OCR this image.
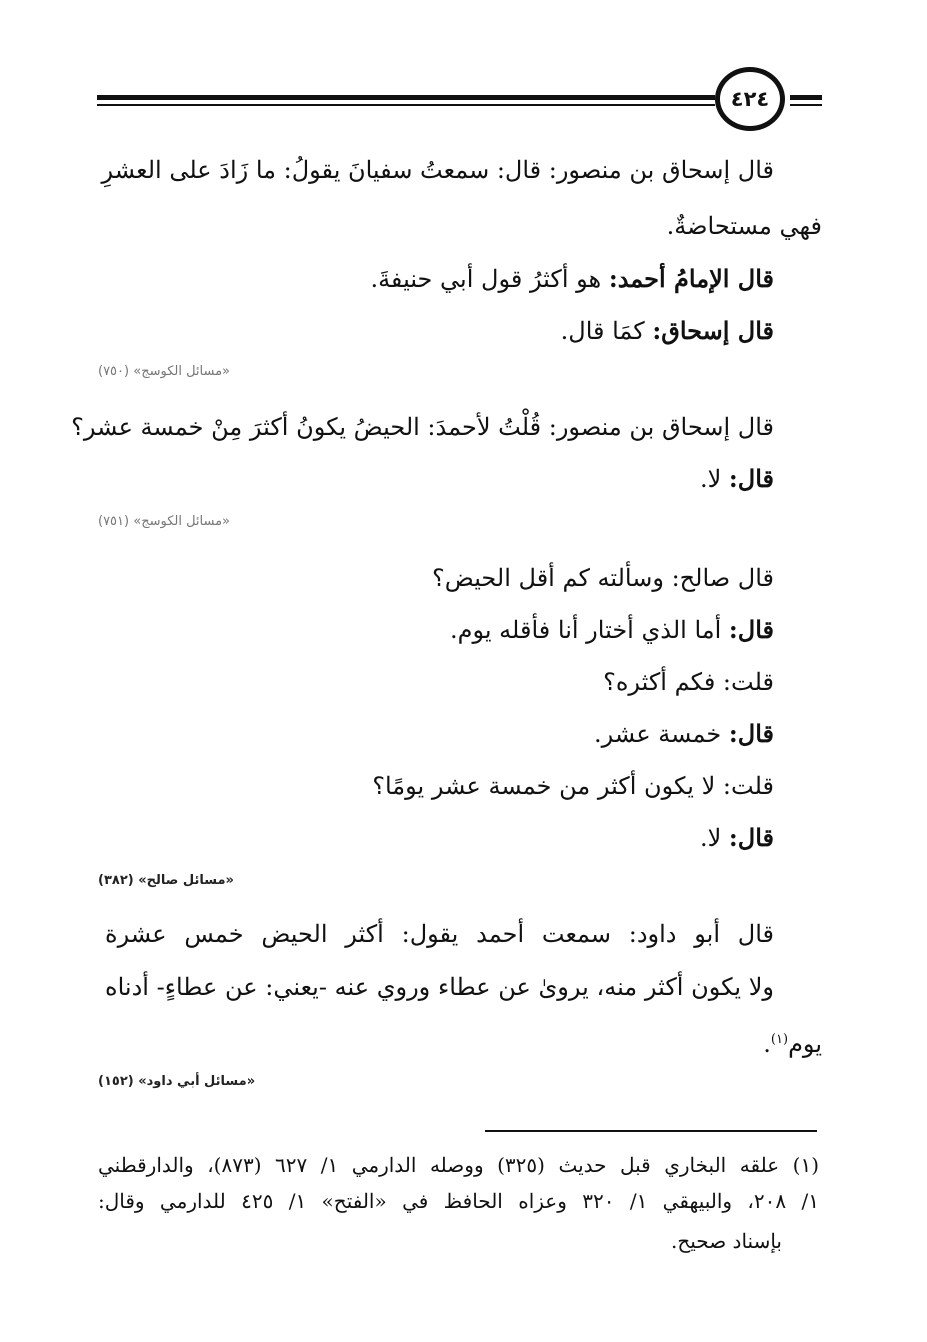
٤٢٤
قال إسحاق بن منصور: قال: سمعتُ سفيانَ يقولُ: ما زَادَ على العشرِ
فهي مستحاضةٌ.
قال الإمامُ أحمد: هو أكثرُ قول أبي حنيفةَ.
قال إسحاق: كمَا قال.
«مسائل الكوسج» (٧٥٠)
قال إسحاق بن منصور: قُلْتُ لأحمدَ: الحيضُ يكونُ أكثرَ مِنْ خمسة عشر؟
قال: لا.
«مسائل الكوسج» (٧٥١)
قال صالح: وسألته كم أقل الحيض؟
قال: أما الذي أختار أنا فأقله يوم.
قلت: فكم أكثره؟
قال: خمسة عشر.
قلت: لا يكون أكثر من خمسة عشر يومًا؟
قال: لا.
«مسائل صالح» (٣٨٢)
قال أبو داود: سمعت أحمد يقول: أكثر الحيض خمس عشرة
ولا يكون أكثر منه، يروىٰ عن عطاء وروي عنه -يعني: عن عطاءٍ- أدناه
يوم$^{(١)}$.
«مسائل أبي داود» (١٥٢)
(١) علقه البخاري قبل حديث (٣٢٥) ووصله الدارمي ١/ ٦٢٧ (٨٧٣)، والدارقطني
١/ ٢٠٨، والبيهقي ١/ ٣٢٠ وعزاه الحافظ في «الفتح» ١/ ٤٢٥ للدارمي وقال:
بإسناد صحيح.
